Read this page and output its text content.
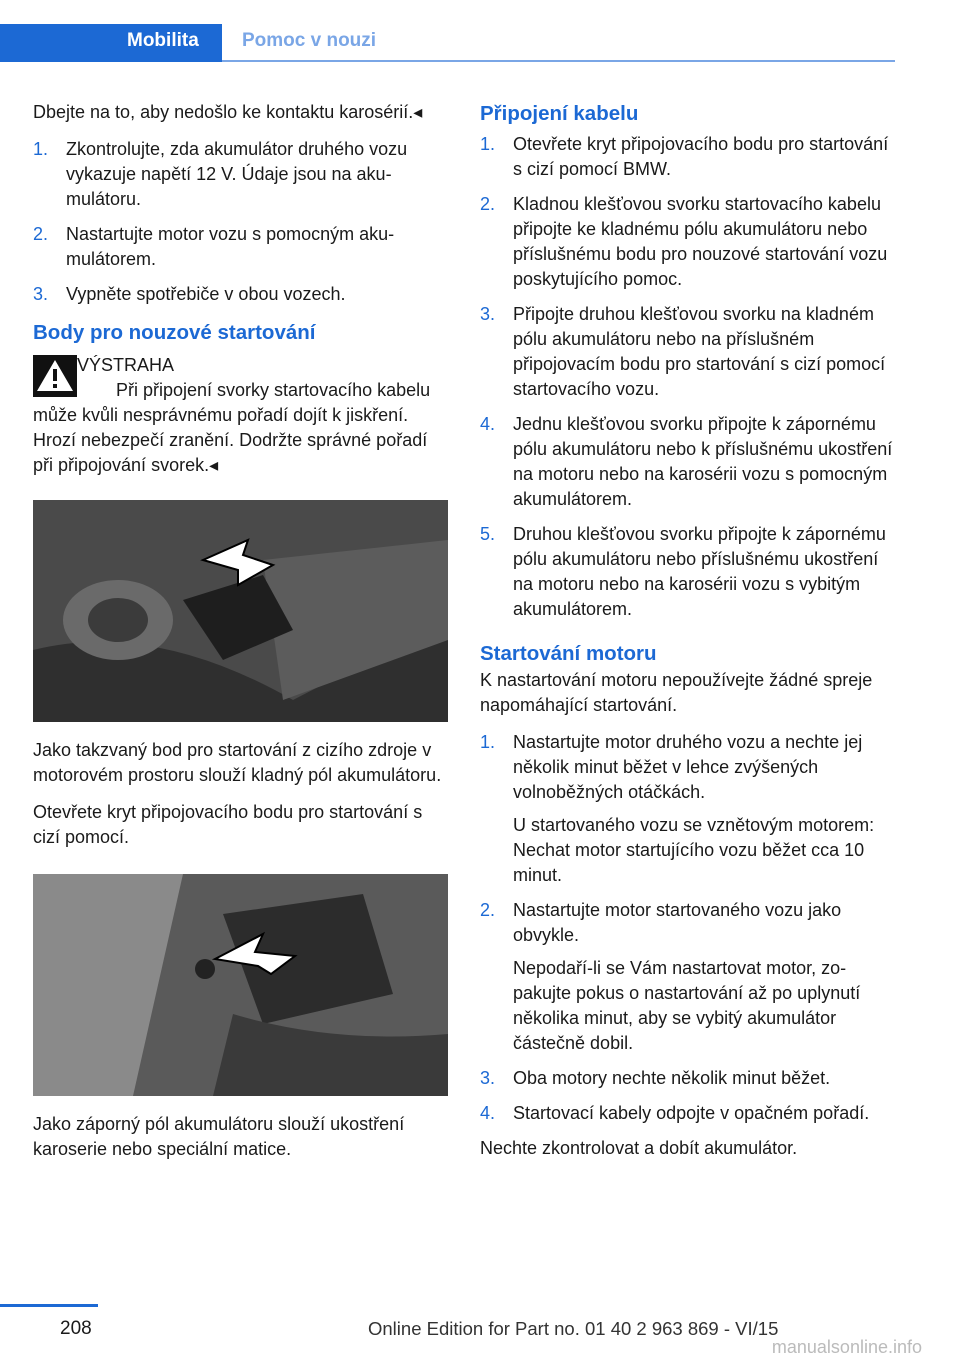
Mobilita	Pomoc v nouzi

Dbejte na to, aby nedošlo ke kontaktu karosérií.◂

1. Zkontrolujte, zda akumulátor druhého vozu vykazuje napětí 12 V. Údaje jsou na akumulátoru.
2. Nastartujte motor vozu s pomocným akumulátorem.
3. Vypněte spotřebiče v obou vozech.
Body pro nouzové startování
VÝSTRAHA
Při připojení svorky startovacího kabelu může kvůli nesprávnému pořadí dojít k jiskření. Hrozí nebezpečí zranění. Dodržte správné pořadí při připojování svorek.◂

Jako takzvaný bod pro startování z cizího zdroje v motorovém prostoru slouží kladný pól akumulátoru.

Otevřete kryt připojovacího bodu pro startování s cizí pomocí.

Jako záporný pól akumulátoru slouží ukostření karoserie nebo speciální matice.

Připojení kabelu
1. Otevřete kryt připojovacího bodu pro startování s cizí pomocí BMW.
2. Kladnou klešťovou svorku startovacího kabelu připojte ke kladnému pólu akumulátoru nebo příslušnému bodu pro nouzové startování vozu poskytujícího pomoc.
3. Připojte druhou klešťovou svorku na kladném pólu akumulátoru nebo na příslušném připojovacím bodu pro startování s cizí pomocí startovacího vozu.
4. Jednu klešťovou svorku připojte k zápornému pólu akumulátoru nebo k příslušnému ukostření na motoru nebo na karosérii vozu s pomocným akumulátorem.
5. Druhou klešťovou svorku připojte k zápornému pólu akumulátoru nebo příslušnému ukostření na motoru nebo na karosérii vozu s vybitým akumulátorem.
Startování motoru

K nastartování motoru nepoužívejte žádné spreje napomáhající startování.

1. Nastartujte motor druhého vozu a nechte jej několik minut běžet v lehce zvýšených volnoběžných otáčkách.
U startovaného vozu se vznětovým motorem: Nechat motor startujícího vozu běžet cca 10 minut.
2. Nastartujte motor startovaného vozu jako obvykle.
Nepodaří-li se Vám nastartovat motor, zopakujte pokus o nastartování až po uplynutí několika minut, aby se vybitý akumulátor částečně dobil.
3. Oba motory nechte několik minut běžet.
4. Startovací kabely odpojte v opačném pořadí.

Nechte zkontrolovat a dobít akumulátor.

208	Online Edition for Part no. 01 40 2 963 869 - VI/15
manualsonline.info
